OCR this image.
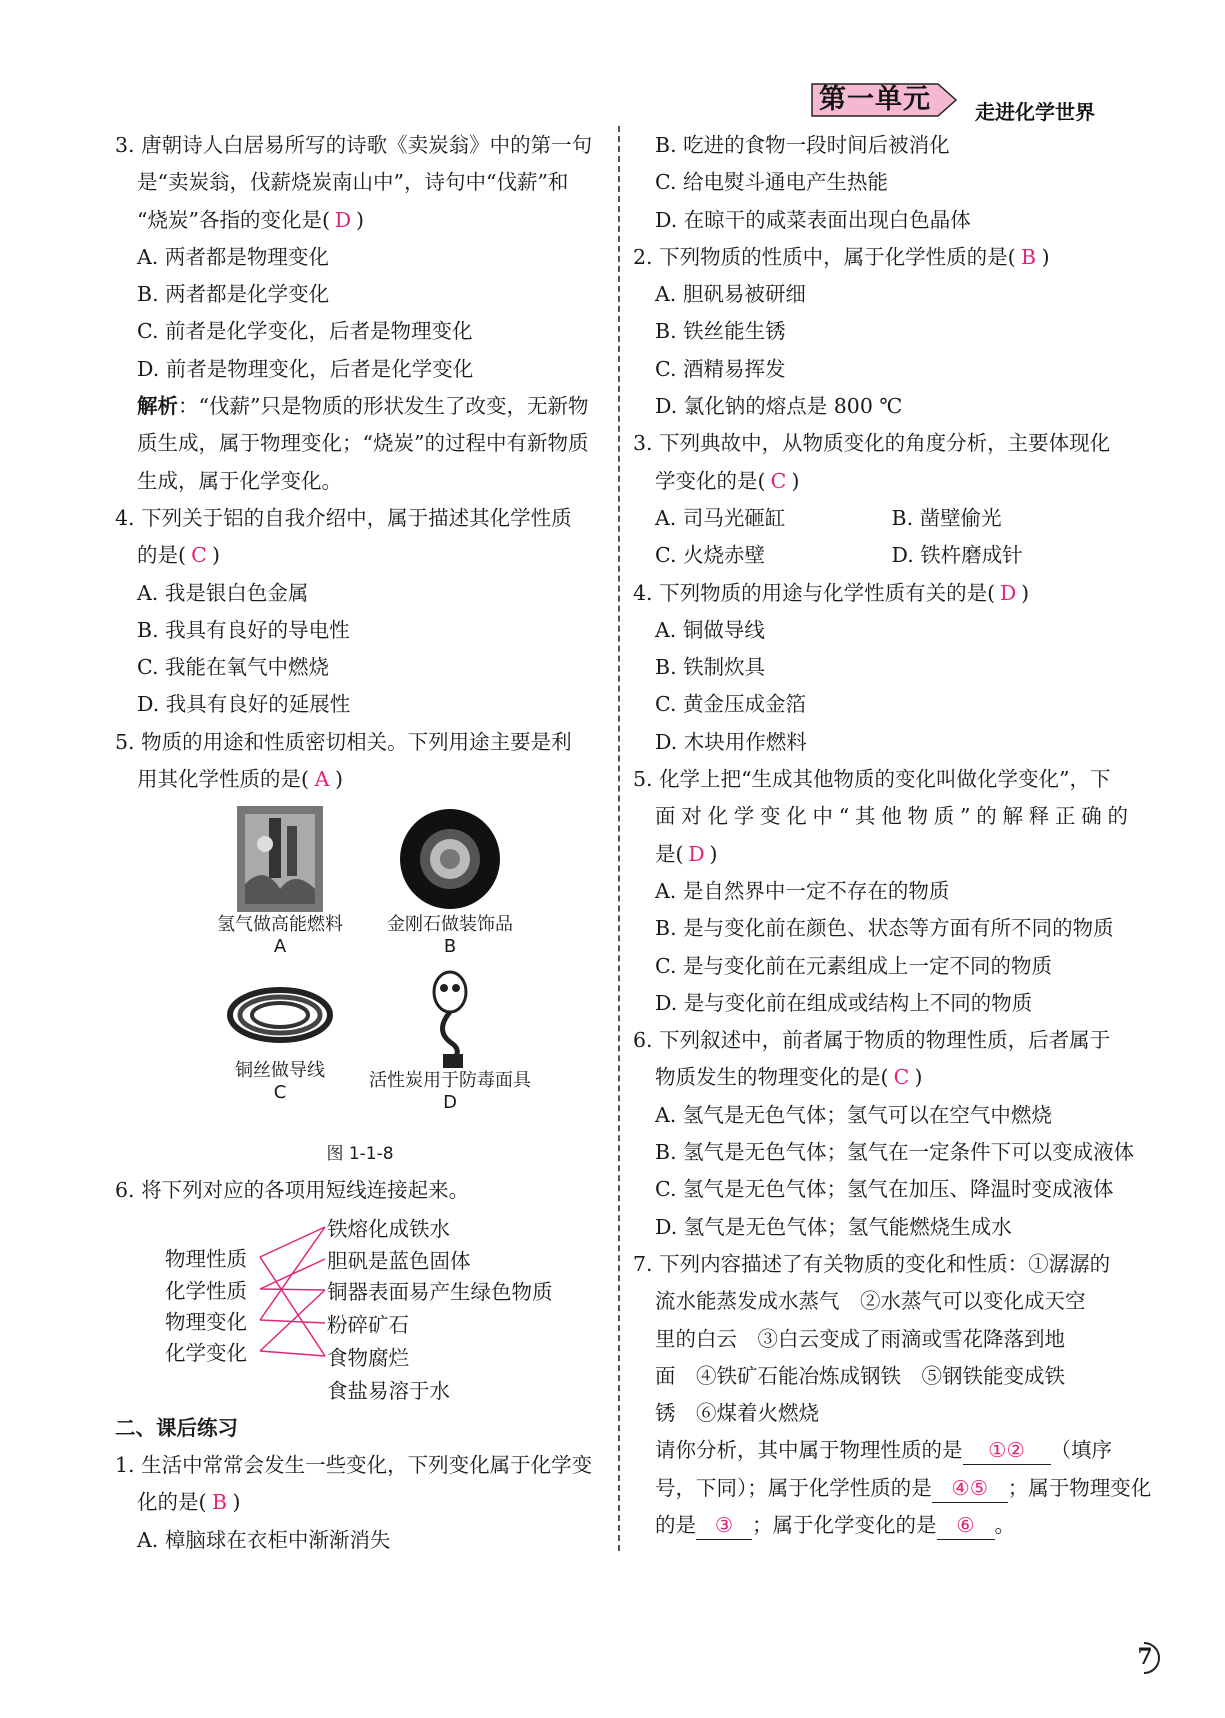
第一单元	走进化学世界
3. 唐朝诗人白居易所写的诗歌《卖炭翁》中的第一句
是“卖炭翁，伐薪烧炭南山中”，诗句中“伐薪”和
“烧炭”各指的变化是( D )
A. 两者都是物理变化
B. 两者都是化学变化
C. 前者是化学变化，后者是物理变化
D. 前者是物理变化，后者是化学变化
解析：“伐薪”只是物质的形状发生了改变，无新物
质生成，属于物理变化；“烧炭”的过程中有新物质
生成，属于化学变化。
4. 下列关于铝的自我介绍中，属于描述其化学性质
的是( C )
A. 我是银白色金属
B. 我具有良好的导电性
C. 我能在氧气中燃烧
D. 我具有良好的延展性
5. 物质的用途和性质密切相关。下列用途主要是利
用其化学性质的是( A )
氢气做高能燃料
A
金刚石做装饰品
B
铜丝做导线
C
活性炭用于防毒面具
D
图 1-1-8
6. 将下列对应的各项用短线连接起来。
物理性质
化学性质
物理变化
化学变化
铁熔化成铁水
胆矾是蓝色固体
铜器表面易产生绿色物质
粉碎矿石
食物腐烂
食盐易溶于水
二、课后练习
1. 生活中常常会发生一些变化，下列变化属于化学变
化的是( B )
A. 樟脑球在衣柜中渐渐消失
B. 吃进的食物一段时间后被消化
C. 给电熨斗通电产生热能
D. 在晾干的咸菜表面出现白色晶体
2. 下列物质的性质中，属于化学性质的是( B )
A. 胆矾易被研细
B. 铁丝能生锈
C. 酒精易挥发
D. 氯化钠的熔点是 800 ℃
3. 下列典故中，从物质变化的角度分析，主要体现化
学变化的是( C )
A. 司马光砸缸	B. 凿壁偷光
C. 火烧赤壁	D. 铁杵磨成针
4. 下列物质的用途与化学性质有关的是( D )
A. 铜做导线
B. 铁制炊具
C. 黄金压成金箔
D. 木块用作燃料
5. 化学上把“生成其他物质的变化叫做化学变化”，下
面对化学变化中“其他物质”的解释正确的
是( D )
A. 是自然界中一定不存在的物质
B. 是与变化前在颜色、状态等方面有所不同的物质
C. 是与变化前在元素组成上一定不同的物质
D. 是与变化前在组成或结构上不同的物质
6. 下列叙述中，前者属于物质的物理性质，后者属于
物质发生的物理变化的是( C )
A. 氢气是无色气体；氢气可以在空气中燃烧
B. 氢气是无色气体；氢气在一定条件下可以变成液体
C. 氢气是无色气体；氢气在加压、降温时变成液体
D. 氢气是无色气体；氢气能燃烧生成水
7. 下列内容描述了有关物质的变化和性质：①潺潺的
流水能蒸发成水蒸气　②水蒸气可以变化成天空
里的白云　③白云变成了雨滴或雪花降落到地
面　④铁矿石能冶炼成钢铁　⑤钢铁能变成铁
锈　⑥煤着火燃烧
请你分析，其中属于物理性质的是 ①② （填序
号，下同）；属于化学性质的是 ④⑤ ；属于物理变化
的是 ③ ；属于化学变化的是 ⑥ 。
7
